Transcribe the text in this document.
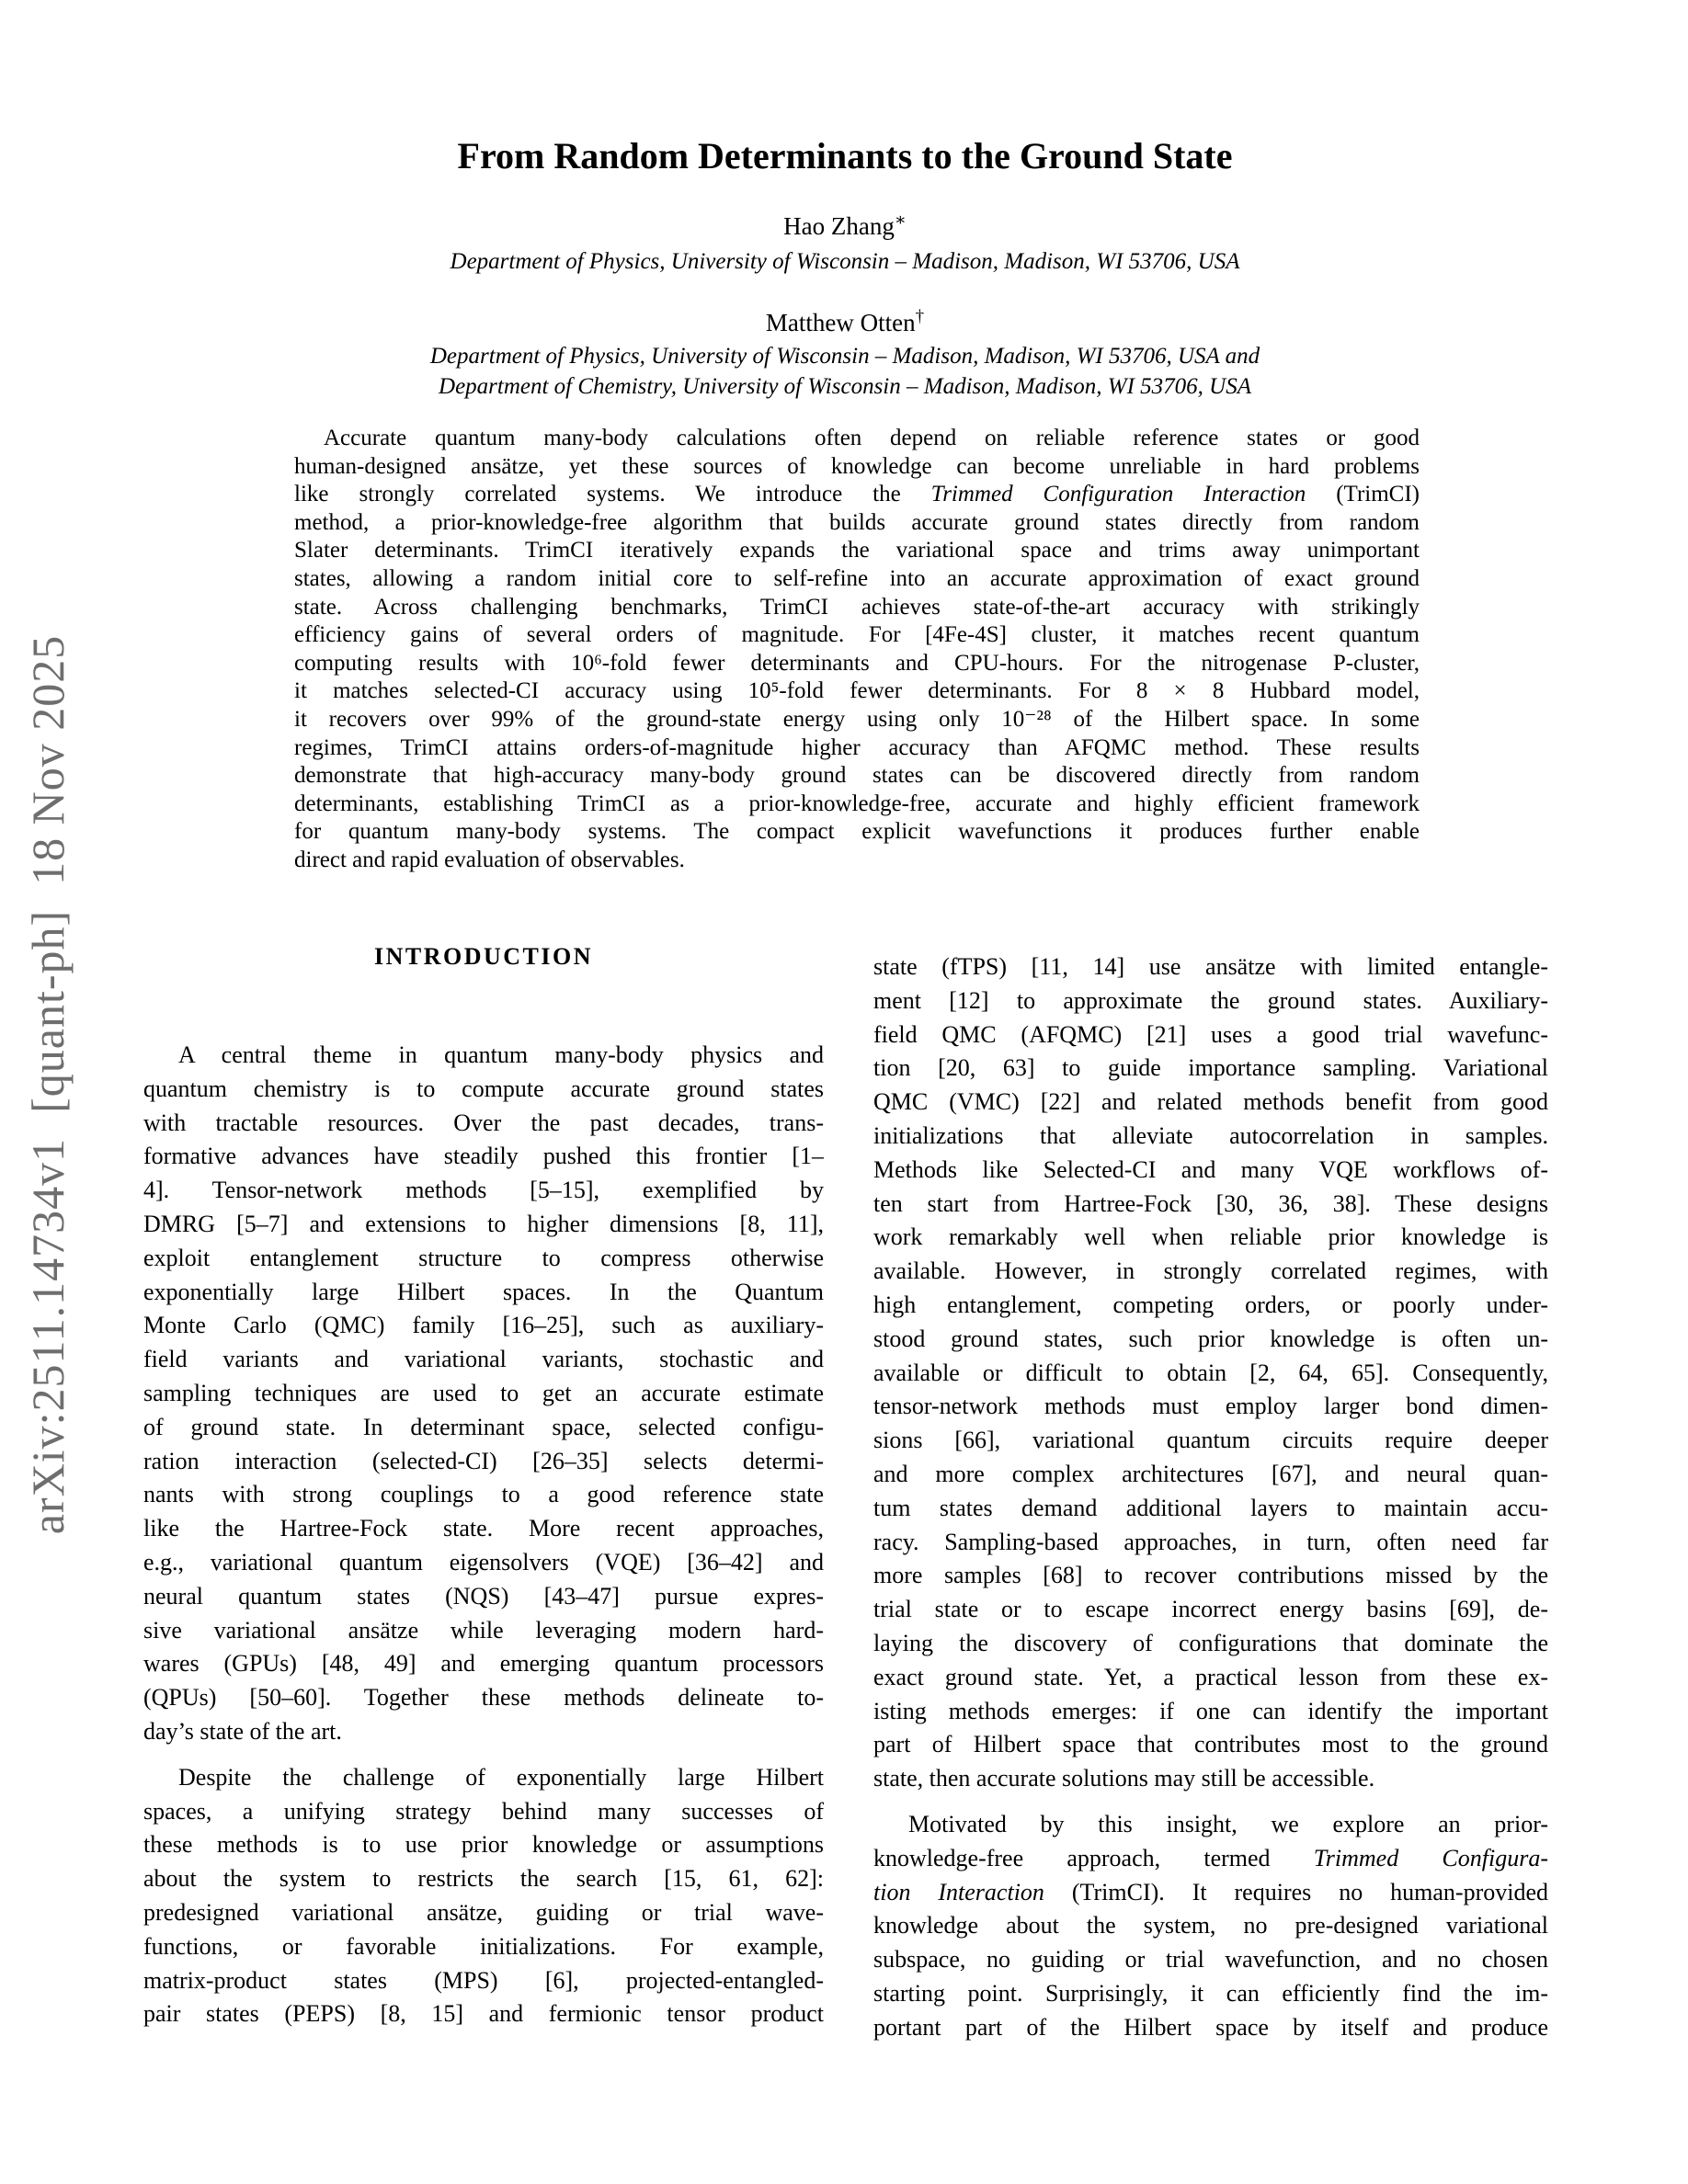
arXiv:2511.14734v1  [quant-ph]  18 Nov 2025
From Random Determinants to the Ground State
Hao Zhang∗
Department of Physics, University of Wisconsin – Madison, Madison, WI 53706, USA
Matthew Otten†
Department of Physics, University of Wisconsin – Madison, Madison, WI 53706, USA and
Department of Chemistry, University of Wisconsin – Madison, Madison, WI 53706, USA
Accurate quantum many-body calculations often depend on reliable reference states or good
human-designed ansätze, yet these sources of knowledge can become unreliable in hard problems
like strongly correlated systems. We introduce the Trimmed Configuration Interaction (TrimCI)
method, a prior-knowledge-free algorithm that builds accurate ground states directly from random
Slater determinants. TrimCI iteratively expands the variational space and trims away unimportant
states, allowing a random initial core to self-refine into an accurate approximation of exact ground
state. Across challenging benchmarks, TrimCI achieves state-of-the-art accuracy with strikingly
efficiency gains of several orders of magnitude. For [4Fe-4S] cluster, it matches recent quantum
computing results with 10⁶-fold fewer determinants and CPU-hours. For the nitrogenase P-cluster,
it matches selected-CI accuracy using 10⁵-fold fewer determinants. For 8 × 8 Hubbard model,
it recovers over 99% of the ground-state energy using only 10⁻²⁸ of the Hilbert space. In some
regimes, TrimCI attains orders-of-magnitude higher accuracy than AFQMC method. These results
demonstrate that high-accuracy many-body ground states can be discovered directly from random
determinants, establishing TrimCI as a prior-knowledge-free, accurate and highly efficient framework
for quantum many-body systems. The compact explicit wavefunctions it produces further enable
direct and rapid evaluation of observables.
INTRODUCTION
A central theme in quantum many-body physics and
quantum chemistry is to compute accurate ground states
with tractable resources. Over the past decades, trans-
formative advances have steadily pushed this frontier [1–
4]. Tensor-network methods [5–15], exemplified by
DMRG [5–7] and extensions to higher dimensions [8, 11],
exploit entanglement structure to compress otherwise
exponentially large Hilbert spaces. In the Quantum
Monte Carlo (QMC) family [16–25], such as auxiliary-
field variants and variational variants, stochastic and
sampling techniques are used to get an accurate estimate
of ground state. In determinant space, selected configu-
ration interaction (selected-CI) [26–35] selects determi-
nants with strong couplings to a good reference state
like the Hartree-Fock state. More recent approaches,
e.g., variational quantum eigensolvers (VQE) [36–42] and
neural quantum states (NQS) [43–47] pursue expres-
sive variational ansätze while leveraging modern hard-
wares (GPUs) [48, 49] and emerging quantum processors
(QPUs) [50–60]. Together these methods delineate to-
day’s state of the art.
Despite the challenge of exponentially large Hilbert
spaces, a unifying strategy behind many successes of
these methods is to use prior knowledge or assumptions
about the system to restricts the search [15, 61, 62]:
predesigned variational ansätze, guiding or trial wave-
functions, or favorable initializations. For example,
matrix-product states (MPS) [6], projected-entangled-
pair states (PEPS) [8, 15] and fermionic tensor product
state (fTPS) [11, 14] use ansätze with limited entangle-
ment [12] to approximate the ground states. Auxiliary-
field QMC (AFQMC) [21] uses a good trial wavefunc-
tion [20, 63] to guide importance sampling. Variational
QMC (VMC) [22] and related methods benefit from good
initializations that alleviate autocorrelation in samples.
Methods like Selected-CI and many VQE workflows of-
ten start from Hartree-Fock [30, 36, 38]. These designs
work remarkably well when reliable prior knowledge is
available. However, in strongly correlated regimes, with
high entanglement, competing orders, or poorly under-
stood ground states, such prior knowledge is often un-
available or difficult to obtain [2, 64, 65]. Consequently,
tensor-network methods must employ larger bond dimen-
sions [66], variational quantum circuits require deeper
and more complex architectures [67], and neural quan-
tum states demand additional layers to maintain accu-
racy. Sampling-based approaches, in turn, often need far
more samples [68] to recover contributions missed by the
trial state or to escape incorrect energy basins [69], de-
laying the discovery of configurations that dominate the
exact ground state. Yet, a practical lesson from these ex-
isting methods emerges: if one can identify the important
part of Hilbert space that contributes most to the ground
state, then accurate solutions may still be accessible.
Motivated by this insight, we explore an prior-
knowledge-free approach, termed Trimmed Configura-
tion Interaction (TrimCI). It requires no human-provided
knowledge about the system, no pre-designed variational
subspace, no guiding or trial wavefunction, and no chosen
starting point. Surprisingly, it can efficiently find the im-
portant part of the Hilbert space by itself and produce
